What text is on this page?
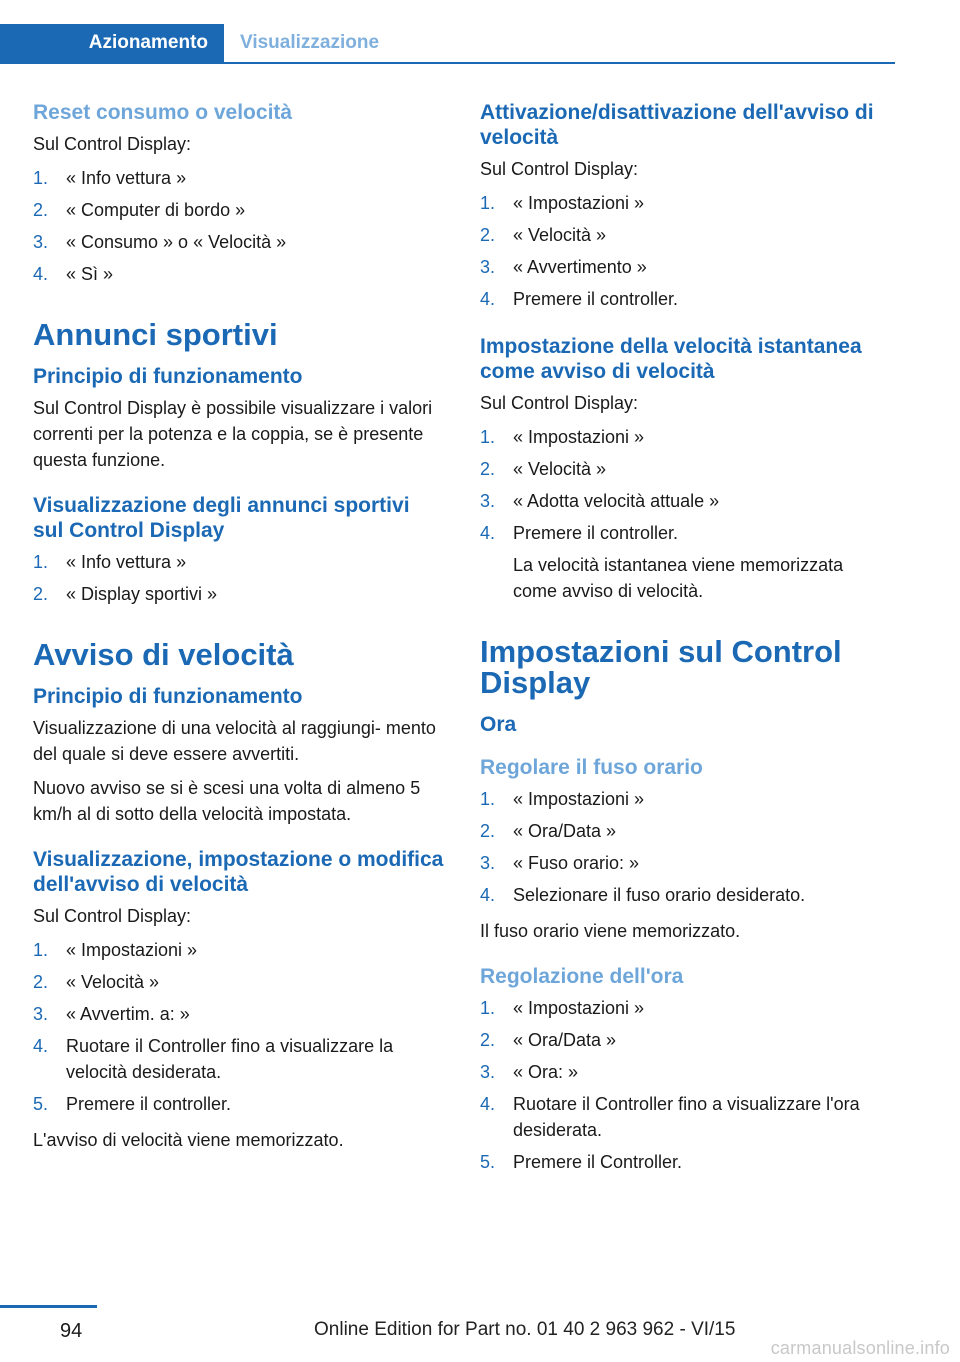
Azionamento	Visualizzazione
Reset consumo o velocità
Sul Control Display:
1. « Info vettura »
2. « Computer di bordo »
3. « Consumo » o « Velocità »
4. « Sì »
Annunci sportivi
Principio di funzionamento
Sul Control Display è possibile visualizzare i valori correnti per la potenza e la coppia, se è presente questa funzione.
Visualizzazione degli annunci sportivi sul Control Display
1. « Info vettura »
2. « Display sportivi »
Avviso di velocità
Principio di funzionamento
Visualizzazione di una velocità al raggiungi- mento del quale si deve essere avvertiti.
Nuovo avviso se si è scesi una volta di almeno 5 km/h al di sotto della velocità impostata.
Visualizzazione, impostazione o modifica dell'avviso di velocità
Sul Control Display:
1. « Impostazioni »
2. « Velocità »
3. « Avvertim. a: »
4. Ruotare il Controller fino a visualizzare la velocità desiderata.
5. Premere il controller.
L'avviso di velocità viene memorizzato.
Attivazione/disattivazione dell'avviso di velocità
Sul Control Display:
1. « Impostazioni »
2. « Velocità »
3. « Avvertimento »
4. Premere il controller.
Impostazione della velocità istantanea come avviso di velocità
Sul Control Display:
1. « Impostazioni »
2. « Velocità »
3. « Adotta velocità attuale »
4. Premere il controller.
La velocità istantanea viene memorizzata come avviso di velocità.
Impostazioni sul Control Display
Ora
Regolare il fuso orario
1. « Impostazioni »
2. « Ora/Data »
3. « Fuso orario: »
4. Selezionare il fuso orario desiderato.
Il fuso orario viene memorizzato.
Regolazione dell'ora
1. « Impostazioni »
2. « Ora/Data »
3. « Ora: »
4. Ruotare il Controller fino a visualizzare l'ora desiderata.
5. Premere il Controller.
94	Online Edition for Part no. 01 40 2 963 962 - VI/15
carmanualsonline.info
